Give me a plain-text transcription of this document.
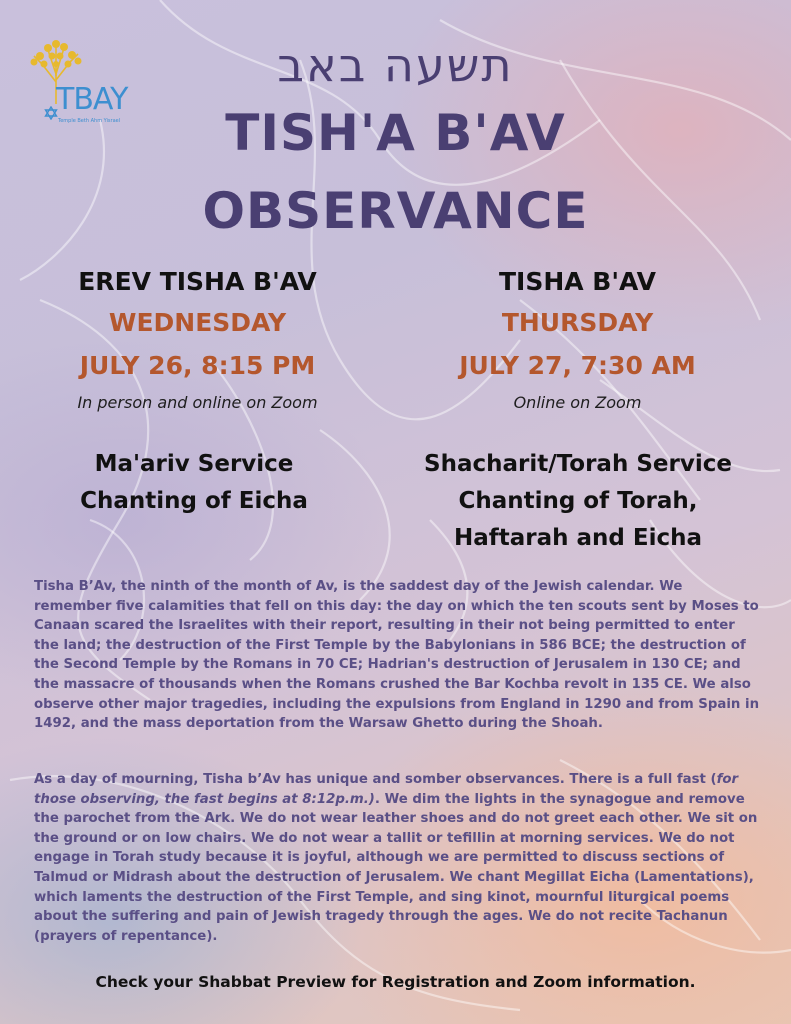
TBAY
Temple Beth Ahm Yisrael
תשעה באב
TISH'A B'AV
OBSERVANCE
EREV TISHA B'AV
WEDNESDAY
JULY 26, 8:15 PM
In person and online on Zoom
TISHA B'AV
THURSDAY
JULY 27, 7:30 AM
Online on Zoom
Ma'ariv Service
Chanting of Eicha
Shacharit/Torah Service
Chanting of Torah,
Haftarah and Eicha
Tisha B’Av, the ninth of the month of Av, is the saddest day of the Jewish calendar. We remember five calamities that fell on this day: the day on which the ten scouts sent by Moses to Canaan scared the Israelites with their report, resulting in their not being permitted to enter the land; the destruction of the First Temple by the Babylonians in 586 BCE; the destruction of the Second Temple by the Romans in 70 CE; Hadrian's destruction of Jerusalem in 130 CE; and the massacre of thousands when the Romans crushed the Bar Kochba revolt in 135 CE. We also observe other major tragedies, including the expulsions from England in 1290 and from Spain in 1492, and the mass deportation from the Warsaw Ghetto during the Shoah.
As a day of mourning, Tisha b’Av has unique and somber observances. There is a full fast (for those observing, the fast begins at 8:12p.m.). We dim the lights in the synagogue and remove the parochet from the Ark. We do not wear leather shoes and do not greet each other. We sit on the ground or on low chairs. We do not wear a tallit or tefillin at morning services. We do not engage in Torah study because it is joyful, although we are permitted to discuss sections of Talmud or Midrash about the destruction of Jerusalem. We chant Megillat Eicha (Lamentations), which laments the destruction of the First Temple, and sing kinot, mournful liturgical poems about the suffering and pain of Jewish tragedy through the ages. We do not recite Tachanun (prayers of repentance).
Check your Shabbat Preview for Registration and Zoom information.
